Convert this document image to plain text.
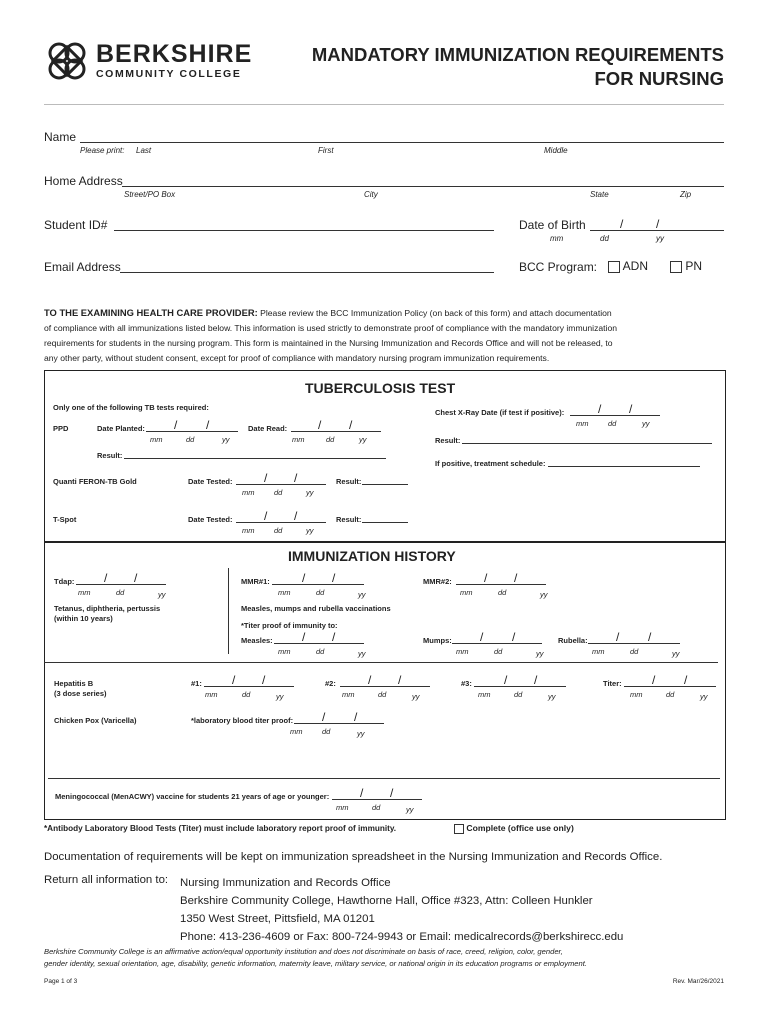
BERKSHIRE
COMMUNITY COLLEGE
MANDATORY IMMUNIZATION REQUIREMENTS
FOR NURSING
Name
Please print: Last	First	Middle
Home Address
Street/PO Box	City	State	Zip
Student ID#	Date of Birth	/	/
mm	dd	yy
Email Address	BCC Program:	ADN	PN
TO THE EXAMINING HEALTH CARE PROVIDER: Please review the BCC Immunization Policy (on back of this form) and attach documentation
of compliance with all immunizations listed below. This information is used strictly to demonstrate proof of compliance with the mandatory immunization
requirements for students in the nursing program. This form is maintained in the Nursing Immunization and Records Office and will not be released, to
any other party, without student consent, except for proof of compliance with mandatory nursing program immunization requirements.
TUBERCULOSIS TEST
Only one of the following TB tests required:
PPD	Date Planted: / /
mm	dd	yy
Date Read:	/ /
mm	dd	yy
Result:
Quanti FERON-TB Gold	Date Tested:	/ /
mm	dd	yy
Result:
T-Spot	Date Tested:	/ /
mm	dd	yy
Result:
Chest X-Ray Date (if test if positive):	/ /
mm	dd	yy
Result:
If positive, treatment schedule:
IMMUNIZATION HISTORY
Tdap: / /
mm	dd	yy
Tetanus, diphtheria, pertussis
(within 10 years)
MMR#1:	/ /
mm	dd	yy
MMR#2:	/ /
mm	dd	yy
Measles, mumps and rubella vaccinations
*Titer proof of immunity to:
Measles: / /
mm	dd	yy
Mumps: / /
mm	dd	yy
Rubella: / /
mm	dd	yy
Hepatitis B
(3 dose series)
#1:	/ /
mm	dd	yy
#2:	/ /
mm	dd	yy
#3:	/ /
mm	dd	yy
Titer:	/ /
mm	dd	yy
Chicken Pox (Varicella)	*laboratory blood titer proof: / /
mm	dd	yy
Meningococcal (MenACWY) vaccine for students 21 years of age or younger:	/ /
mm	dd	yy
*Antibody Laboratory Blood Tests (Titer) must include laboratory report proof of immunity.	Complete (office use only)
Documentation of requirements will be kept on immunization spreadsheet in the Nursing Immunization and Records Office.
Return all information to: Nursing Immunization and Records Office
Berkshire Community College, Hawthorne Hall, Office #323, Attn: Colleen Hunkler
1350 West Street, Pittsfield, MA 01201
Phone: 413-236-4609 or Fax: 800-724-9943 or Email: medicalrecords@berkshirecc.edu
Berkshire Community College is an affirmative action/equal opportunity institution and does not discriminate on basis of race, creed, religion, color, gender,
gender identity, sexual orientation, age, disability, genetic information, maternity leave, military service, or national origin in its education programs or employment.
Page 1 of 3	Rev. Mar/26/2021
